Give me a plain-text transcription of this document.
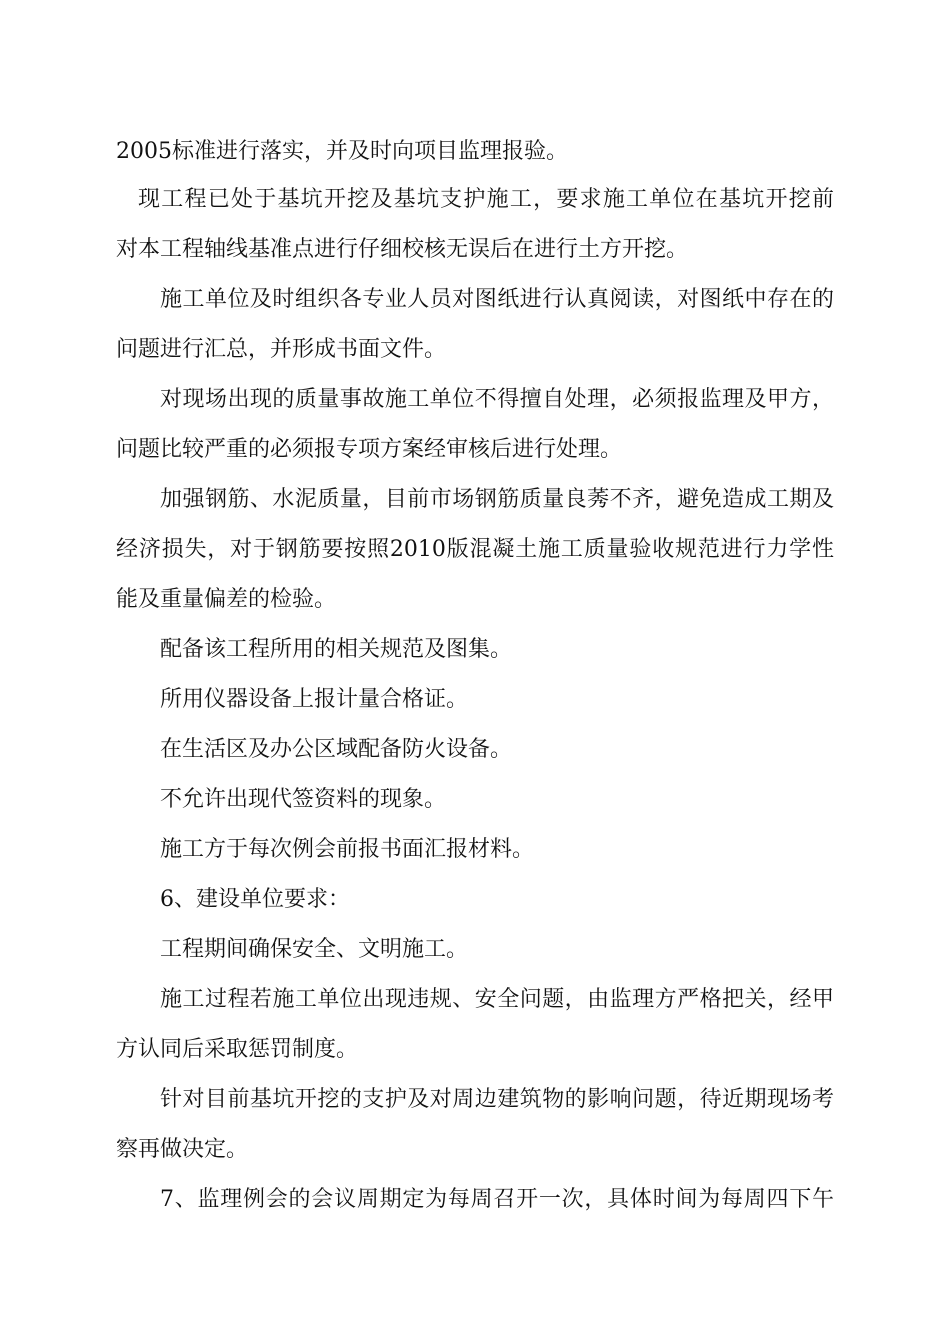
2005标准进行落实，并及时向项目监理报验。
现工程已处于基坑开挖及基坑支护施工，要求施工单位在基坑开挖前
对本工程轴线基准点进行仔细校核无误后在进行土方开挖。
施工单位及时组织各专业人员对图纸进行认真阅读，对图纸中存在的
问题进行汇总，并形成书面文件。
对现场出现的质量事故施工单位不得擅自处理，必须报监理及甲方，
问题比较严重的必须报专项方案经审核后进行处理。
加强钢筋、水泥质量，目前市场钢筋质量良莠不齐，避免造成工期及
经济损失，对于钢筋要按照2010版混凝土施工质量验收规范进行力学性
能及重量偏差的检验。
配备该工程所用的相关规范及图集。
所用仪器设备上报计量合格证。
在生活区及办公区域配备防火设备。
不允许出现代签资料的现象。
施工方于每次例会前报书面汇报材料。
6、建设单位要求：
工程期间确保安全、文明施工。
施工过程若施工单位出现违规、安全问题，由监理方严格把关，经甲
方认同后采取惩罚制度。
针对目前基坑开挖的支护及对周边建筑物的影响问题，待近期现场考
察再做决定。
7、监理例会的会议周期定为每周召开一次，具体时间为每周四下午
